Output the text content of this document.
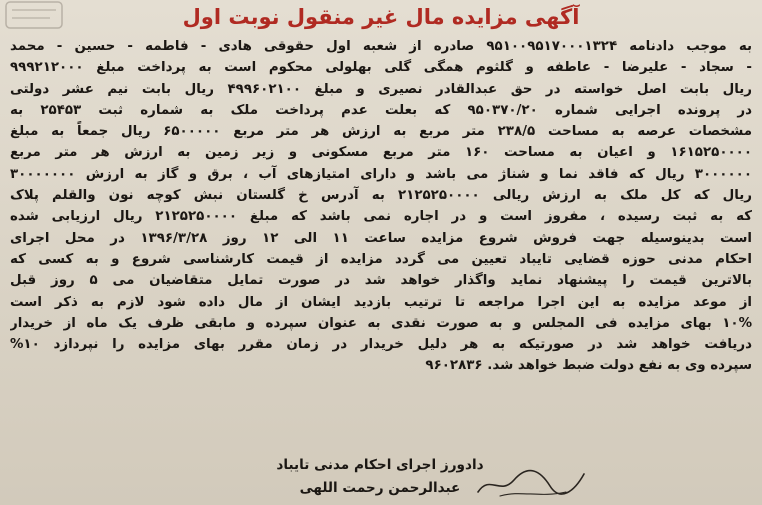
آگهی مزایده مال غیر منقول نوبت اول
به موجب دادنامه ۹۵۱۰۰۹۵۱۷۰۰۰۱۳۲۴ صادره از شعبه اول حقوقی هادی - فاطمه - حسین - محمد
- سجاد - علیرضا - عاطفه و گلثوم همگی گلی بهلولی محکوم است به پرداخت مبلغ ۹۹۹۲۱۲۰۰۰
ریال بابت اصل خواسته در حق عبدالقادر نصیری و مبلغ ۴۹۹۶۰۲۱۰۰ ریال بابت نیم عشر دولتی
در پرونده اجرایی شماره ۹۵۰۳۷۰/۲۰ که بعلت عدم پرداخت ملک به شماره ثبت ۲۵۴۵۳ به
مشخصات عرصه به مساحت ۲۳۸/۵ متر مربع به ارزش هر متر مربع ۶۵۰۰۰۰۰ ریال جمعاً به مبلغ
۱۶۱۵۲۵۰۰۰۰ و اعیان به مساحت ۱۶۰ متر مربع مسکونی و زیر زمین به ارزش هر متر مربع
۳۰۰۰۰۰۰ ریال که فاقد نما و شناژ می باشد و دارای امتیازهای آب ، برق و گاز به ارزش ۳۰۰۰۰۰۰۰
ریال که کل ملک به ارزش ریالی ۲۱۲۵۲۵۰۰۰۰ به آدرس خ گلستان نبش کوچه نون والقلم پلاک
که به ثبت رسیده ، مفروز است و در اجاره نمی باشد که مبلغ ۲۱۲۵۲۵۰۰۰۰ ریال ارزیابی شده
است بدینوسیله جهت فروش شروع مزایده ساعت ۱۱ الی ۱۲ روز ۱۳۹۶/۳/۲۸ در محل اجرای
احکام مدنی حوزه قضایی تایباد تعیین می گردد مزایده از قیمت کارشناسی شروع و به کسی که
بالاترین قیمت را پیشنهاد نماید واگذار خواهد شد در صورت تمایل متقاضیان می ۵ روز قبل
از موعد مزایده به این اجرا مراجعه تا ترتیب بازدید ایشان از مال داده شود لازم به ذکر است
۱۰% بهای مزایده فی المجلس و به صورت نقدی به عنوان سپرده و مابقی ظرف یک ماه از خریدار
دریافت خواهد شد در صورتیکه به هر دلیل خریدار در زمان مقرر بهای مزایده را نپردازد ۱۰%
سپرده وی به نفع دولت ضبط خواهد شد. ۹۶۰۲۸۳۶
دادورز اجرای احکام مدنی تایباد
عبدالرحمن رحمت اللهی
